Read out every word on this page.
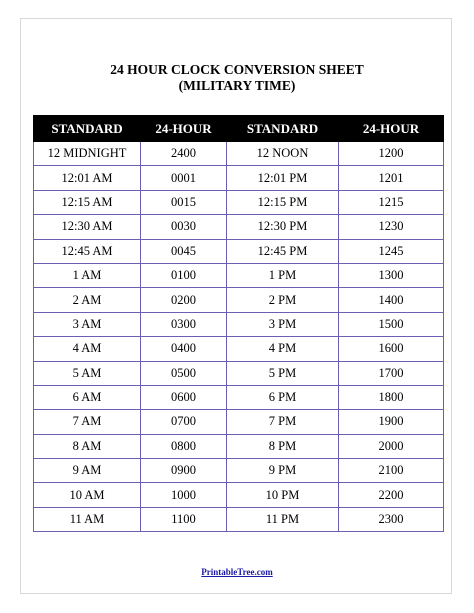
24 HOUR CLOCK CONVERSION SHEET
(MILITARY TIME)
STANDARD	24-HOUR	STANDARD	24-HOUR
12 MIDNIGHT	2400	12 NOON	1200
12:01 AM	0001	12:01 PM	1201
12:15 AM	0015	12:15 PM	1215
12:30 AM	0030	12:30 PM	1230
12:45 AM	0045	12:45 PM	1245
1 AM	0100	1 PM	1300
2 AM	0200	2 PM	1400
3 AM	0300	3 PM	1500
4 AM	0400	4 PM	1600
5 AM	0500	5 PM	1700
6 AM	0600	6 PM	1800
7 AM	0700	7 PM	1900
8 AM	0800	8 PM	2000
9 AM	0900	9 PM	2100
10 AM	1000	10 PM	2200
11 AM	1100	11 PM	2300
PrintableTree.com
